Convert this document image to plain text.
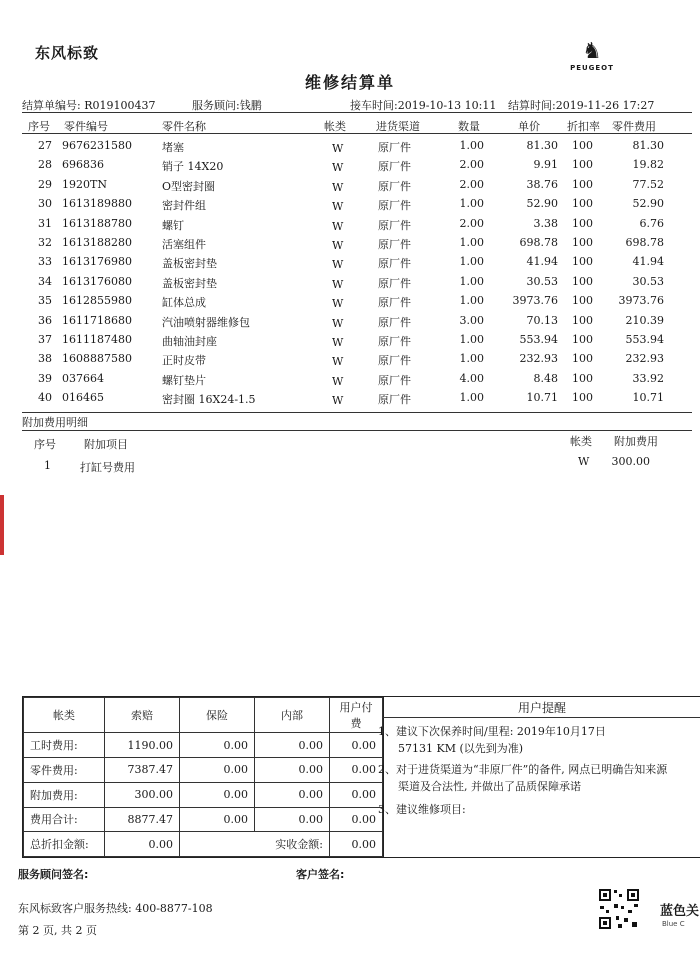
东风标致
维修结算单
♞
PEUGEOT
结算单编号: R019100437	服务顾问:钱鹏	接车时间:2019-10-13 10:11 结算时间:2019-11-26 17:27
序号 零件编号	零件名称	帐类	进货渠道	数量	单价 折扣率 零件费用
27 9676231580	堵塞	W	原厂件	1.00	81.30 100	81.30
28 696836	销子 14X20	W	原厂件	2.00	9.91 100	19.82
29 1920TN	O型密封圈	W	原厂件	2.00	38.76 100	77.52
30 1613189880	密封件组	W	原厂件	1.00	52.90 100	52.90
31 1613188780	螺钉	W	原厂件	2.00	3.38 100	6.76
32 1613188280	活塞组件	W	原厂件	1.00	698.78 100	698.78
33 1613176980	盖板密封垫	W	原厂件	1.00	41.94 100	41.94
34 1613176080	盖板密封垫	W	原厂件	1.00	30.53 100	30.53
35 1612855980	缸体总成	W	原厂件	1.00	3973.76 100	3973.76
36 1611718680	汽油喷射器维修包	W	原厂件	3.00	70.13 100	210.39
37 1611187480	曲轴油封座	W	原厂件	1.00	553.94 100	553.94
38 1608887580	正时皮带	W	原厂件	1.00	232.93 100	232.93
39 037664	螺钉垫片	W	原厂件	4.00	8.48 100	33.92
40 016465	密封圈 16X24-1.5	W	原厂件	1.00	10.71 100	10.71
附加费用明细
序号	附加项目	帐类 附加费用
1	打缸号费用	W	300.00
帐类	索赔	保险	内部	用户付费
工时费用:	1190.00	0.00	0.00	0.00
零件费用:	7387.47	0.00	0.00	0.00
附加费用:	300.00	0.00	0.00	0.00
费用合计:	8877.47	0.00	0.00	0.00
总折扣金额:	0.00	实收金额:		0.00
用户提醒
1、建议下次保养时间/里程: 2019年10月17日
57131 KM (以先到为准)
2、对于进货渠道为“非原厂件”的备件, 网点已明确告知来源
渠道及合法性, 并做出了品质保障承诺
3、建议维修项目:
服务顾问签名:	客户签名:
东风标致客户服务热线: 400-8877-108
第 2 页, 共 2 页
蓝色关
Blue C
